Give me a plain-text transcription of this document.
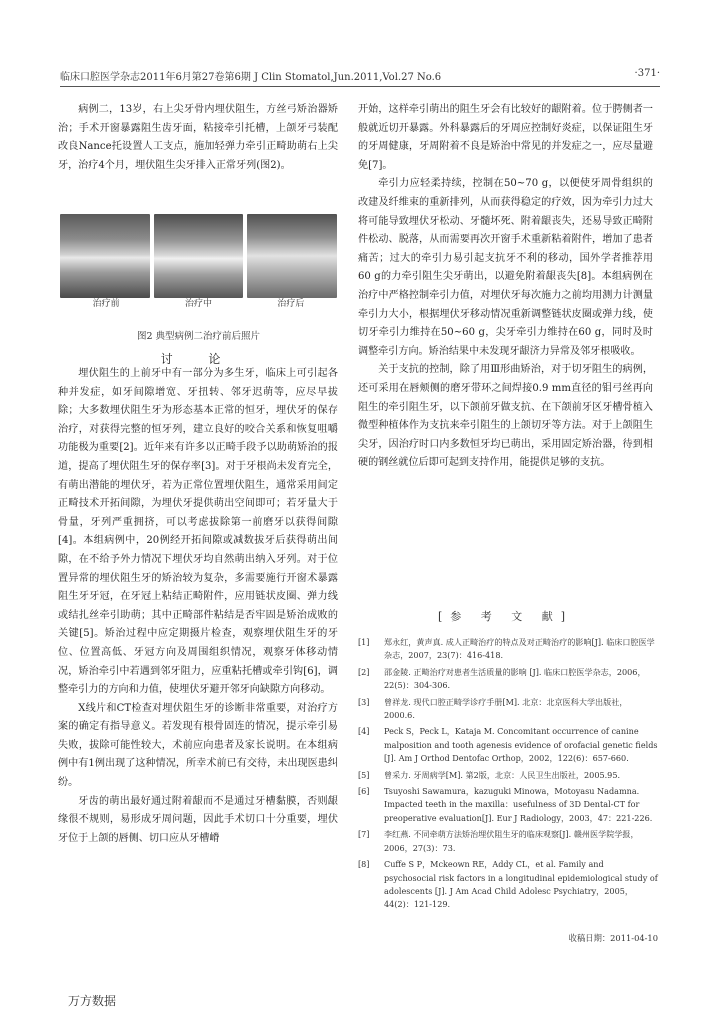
临床口腔医学杂志2011年6月第27卷第6期 J Clin Stomatol,Jun.2011,Vol.27 No.6	·371·

病例二，13岁，右上尖牙骨内埋伏阻生，方丝弓矫治器矫治；手术开窗暴露阻生齿牙面，粘接牵引托槽，上颌牙弓装配改良Nance托设置人工支点，施加轻弹力牵引正畸助萌右上尖牙，治疗4个月，埋伏阻生尖牙排入正常牙列(图2)。

治疗前	治疗中	治疗后
图2 典型病例二治疗前后照片
讨 论

埋伏阻生的上前牙中有一部分为多生牙，临床上可引起各种并发症，如牙间隙增宽、牙扭转、邻牙迟萌等，应尽早拔除；大多数埋伏阻生牙为形态基本正常的恒牙，埋伏牙的保存治疗，对获得完整的恒牙列，建立良好的咬合关系和恢复咀嚼功能极为重要[2]。近年来有许多以正畸手段予以助萌矫治的报道，提高了埋伏阻生牙的保存率[3]。对于牙根尚未发育完全，有萌出潜能的埋伏牙，若为正常位置埋伏阻生，通常采用间定正畸技术开拓间隙，为埋伏牙提供萌出空间即可；若牙量大于骨量，牙列严重拥挤，可以考虑拔除第一前磨牙以获得间隙[4]。本组病例中，20例经开拓间隙或减数拔牙后获得萌出间隙，在不给予外力情况下埋伏牙均自然萌出纳入牙列。对于位置异常的埋伏阻生牙的矫治较为复杂，多需要施行开窗术暴露阻生牙牙冠，在牙冠上粘结正畸附件，应用链状皮圈、弹力线或结扎丝牵引助萌；其中正畸部件粘结是否牢固是矫治成败的关键[5]。矫治过程中应定期摄片检查，观察埋伏阻生牙的牙位、位置高低、牙冠方向及周围组织情况，观察牙体移动情况，矫治牵引中若遇到邻牙阻力，应重粘托槽或牵引钩[6]，调整牵引力的方向和力值，使埋伏牙避开邻牙向缺隙方向移动。

X线片和CT检查对埋伏阻生牙的诊断非常重要，对治疗方案的确定有指导意义。若发现有根骨固连的情况，提示牵引易失败，拔除可能性较大，术前应向患者及家长说明。在本组病例中有1例出现了这种情况，所幸术前已有交待，未出现医患纠纷。

牙齿的萌出最好通过附着龈而不是通过牙槽黏膜，否则龈缘很不规则，易形成牙周问题，因此手术切口十分重要，埋伏牙位于上颌的唇侧、切口应从牙槽嵴

开始，这样牵引萌出的阻生牙会有比较好的龈附着。位于腭侧者一般就近切开暴露。外科暴露后的牙周应控制好炎症，以保证阻生牙的牙周健康，牙周附着不良是矫治中常见的并发症之一，应尽量避免[7]。

牵引力应轻柔持续，控制在50~70 g，以便使牙周骨组织的改建及纤维束的重新排列，从而获得稳定的疗效，因为牵引力过大将可能导致埋伏牙松动、牙髓坏死、附着龈丧失，还易导致正畸附件松动、脱落，从而需要再次开窗手术重新粘着附件，增加了患者痛苦；过大的牵引力易引起支抗牙不利的移动，国外学者推荐用60 g的力牵引阻生尖牙萌出，以避免附着龈丧失[8]。本组病例在治疗中严格控制牵引力值，对埋伏牙每次施力之前均用测力计测量牵引力大小，根据埋伏牙移动情况重新调整链状皮圈或弹力线，使切牙牵引力维持在50~60 g，尖牙牵引力维持在60 g，同时及时调整牵引方向。矫治结果中未发现牙龈济力异常及邻牙根吸收。

关于支抗的控制，除了用Ⅲ形曲矫治，对于切牙阻生的病例，还可采用在唇颊侧的磨牙带环之间焊接0.9 mm直径的钼弓丝再向阻生的牵引阻生牙，以下颌前牙做支抗、在下颌前牙区牙槽骨植入微型种植体作为支抗来牵引阻生的上颌切牙等方法。对于上颌阻生尖牙，因治疗时口内多数恒牙均已萌出，采用固定矫治器，待到相硬的钢丝就位后即可起到支持作用，能提供足够的支抗。

[参 考 文 献]
[1]	郑永红，黄声真. 成人正畸治疗的特点及对正畸治疗的影响[J]. 临床口腔医学杂志，2007，23(7)：416-418.
[2]	邵金陵. 正畸治疗对患者生活质量的影响 [J]. 临床口腔医学杂志，2006，22(5)：304-306.
[3]	曾祥龙. 现代口腔正畸学诊疗手册[M]. 北京：北京医科大学出版社，2000.6.
[4]	Peck S，Peck L，Kataja M. Concomitant occurrence of canine malposition and tooth agenesis evidence of orofacial genetic fields [J]. Am J Orthod Dentofac Orthop，2002，122(6)：657-660.
[5]	曾采力. 牙周病学[M]. 第2版，北京：人民卫生出版社，2005.95.
[6]	Tsuyoshi Sawamura，kazuguki Minowa，Motoyasu Nadamna. Impacted teeth in the maxilla：usefulness of 3D Dental-CT for preoperative evaluation[J]. Eur J Radiology，2003，47：221-226.
[7]	李红燕. 不同牵萌方法矫治埋伏阻生牙的临床观察[J]. 赣州医学院学报，2006，27(3)：73.
[8]	Cuffe S P，Mckeown RE，Addy CL，et al. Family and psychosocial risk factors in a longitudinal epidemiological study of adolescents [J]. J Am Acad Child Adolesc Psychiatry，2005，44(2)：121-129.
收稿日期：2011-04-10
万方数据
